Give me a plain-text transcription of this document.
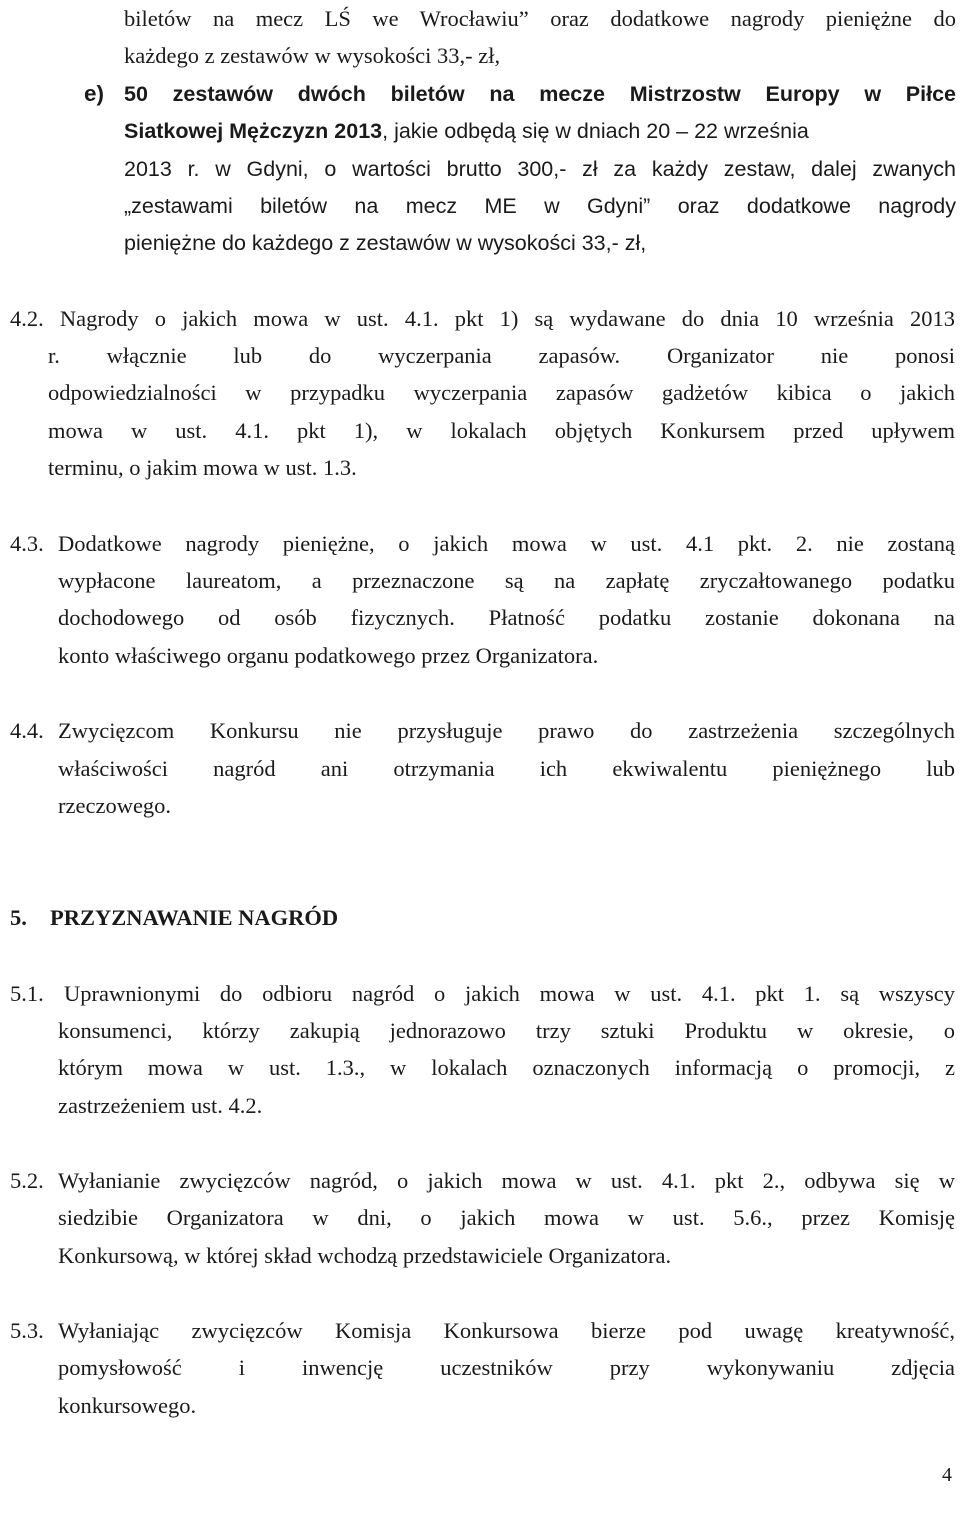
biletów na mecz LŚ we Wrocławiu” oraz dodatkowe nagrody pieniężne do
każdego z zestawów w wysokości 33,- zł,
e) 50 zestawów dwóch biletów na mecze Mistrzostw Europy w Piłce
Siatkowej Mężczyzn 2013, jakie odbędą się w dniach 20 – 22 września
2013 r. w Gdyni, o wartości brutto 300,- zł za każdy zestaw, dalej zwanych
„zestawami biletów na mecz ME w Gdyni” oraz dodatkowe nagrody
pieniężne do każdego z zestawów w wysokości 33,- zł,
4.2. Nagrody o jakich mowa w ust. 4.1. pkt 1) są wydawane do dnia 10 września 2013
r. włącznie lub do wyczerpania zapasów. Organizator nie ponosi
odpowiedzialności w przypadku wyczerpania zapasów gadżetów kibica o jakich
mowa w ust. 4.1. pkt 1), w lokalach objętych Konkursem przed upływem
terminu, o jakim mowa w ust. 1.3.
4.3. Dodatkowe nagrody pieniężne, o jakich mowa w ust. 4.1 pkt. 2. nie zostaną
wypłacone laureatom, a przeznaczone są na zapłatę zryczałtowanego podatku
dochodowego od osób fizycznych. Płatność podatku zostanie dokonana na
konto właściwego organu podatkowego przez Organizatora.
4.4. Zwycięzcom Konkursu nie przysługuje prawo do zastrzeżenia szczególnych
właściwości nagród ani otrzymania ich ekwiwalentu pieniężnego lub
rzeczowego.
5. PRZYZNAWANIE NAGRÓD
5.1. Uprawnionymi do odbioru nagród o jakich mowa w ust. 4.1. pkt 1. są wszyscy
konsumenci, którzy zakupią jednorazowo trzy sztuki Produktu w okresie, o
którym mowa w ust. 1.3., w lokalach oznaczonych informacją o promocji, z
zastrzeżeniem ust. 4.2.
5.2. Wyłanianie zwycięzców nagród, o jakich mowa w ust. 4.1. pkt 2., odbywa się w
siedzibie Organizatora w dni, o jakich mowa w ust. 5.6., przez Komisję
Konkursową, w której skład wchodzą przedstawiciele Organizatora.
5.3. Wyłaniając zwycięzców Komisja Konkursowa bierze pod uwagę kreatywność,
pomysłowość i inwencję uczestników przy wykonywaniu zdjęcia
konkursowego.
4
